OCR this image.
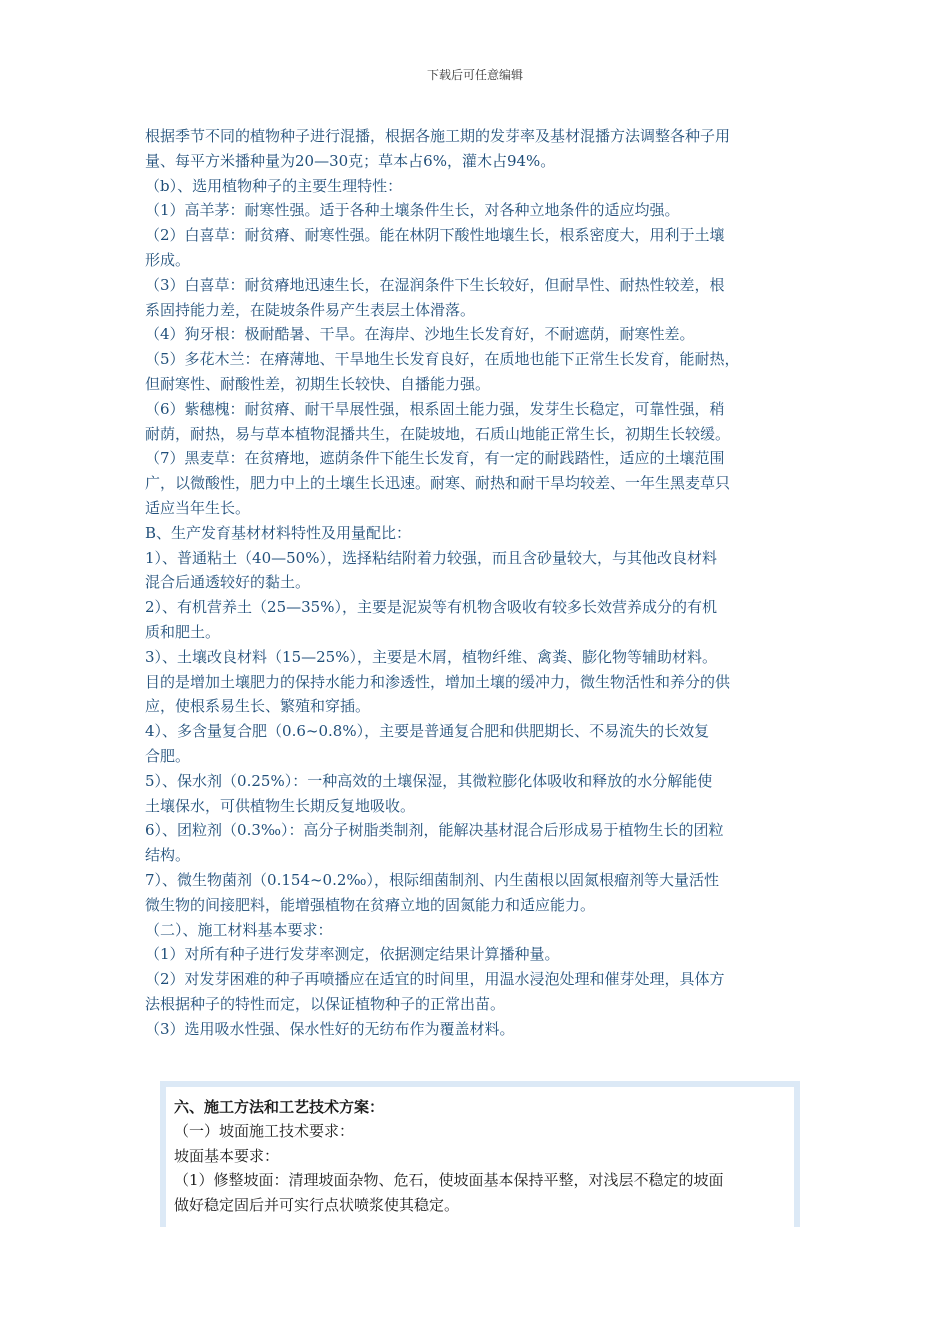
下载后可任意编辑

根据季节不同的植物种子进行混播，根据各施工期的发芽率及基材混播方法调整各种子用

量、每平方米播种量为20—30克；草本占6%，灌木占94%。

（b）、选用植物种子的主要生理特性：

（1）高羊茅：耐寒性强。适于各种土壤条件生长，对各种立地条件的适应均强。

（2）白喜草：耐贫瘠、耐寒性强。能在林阴下酸性地壤生长，根系密度大，用利于土壤

形成。

（3）白喜草：耐贫瘠地迅速生长，在湿润条件下生长较好，但耐旱性、耐热性较差，根

系固持能力差，在陡坡条件易产生表层土体滑落。

（4）狗牙根：极耐酷暑、干旱。在海岸、沙地生长发育好，不耐遮荫，耐寒性差。

（5）多花木兰：在瘠薄地、干旱地生长发育良好，在质地也能下正常生长发育，能耐热，

但耐寒性、耐酸性差，初期生长较快、自播能力强。

（6）紫穗槐：耐贫瘠、耐干旱展性强，根系固土能力强，发芽生长稳定，可靠性强，稍

耐荫，耐热，易与草本植物混播共生，在陡坡地，石质山地能正常生长，初期生长较缓。

（7）黑麦草：在贫瘠地，遮荫条件下能生长发育，有一定的耐践踏性，适应的土壤范围

广，以微酸性，肥力中上的土壤生长迅速。耐寒、耐热和耐干旱均较差、一年生黑麦草只

适应当年生长。

B、生产发育基材材料特性及用量配比：

1）、普通粘土（40—50%），选择粘结附着力较强，而且含砂量较大，与其他改良材料

混合后通透较好的黏土。

2）、有机营养土（25—35%），主要是泥炭等有机物含吸收有较多长效营养成分的有机

质和肥土。

3）、土壤改良材料（15—25%），主要是木屑，植物纤维、禽粪、膨化物等辅助材料。

目的是增加土壤肥力的保持水能力和渗透性，增加土壤的缓冲力，微生物活性和养分的供

应，使根系易生长、繁殖和穿插。

4）、多含量复合肥（0.6~0.8%），主要是普通复合肥和供肥期长、不易流失的长效复

合肥。

5）、保水剂（0.25%）：一种高效的土壤保湿，其微粒膨化体吸收和释放的水分解能使

土壤保水，可供植物生长期反复地吸收。

6）、团粒剂（0.3‰）：高分子树脂类制剂，能解决基材混合后形成易于植物生长的团粒

结构。

7）、微生物菌剂（0.154~0.2‰），根际细菌制剂、内生菌根以固氮根瘤剂等大量活性

微生物的间接肥料，能增强植物在贫瘠立地的固氮能力和适应能力。

（二）、施工材料基本要求：

（1）对所有种子进行发芽率测定，依据测定结果计算播种量。

（2）对发芽困难的种子再喷播应在适宜的时间里，用温水浸泡处理和催芽处理，具体方

法根据种子的特性而定，以保证植物种子的正常出苗。

（3）选用吸水性强、保水性好的无纺布作为覆盖材料。

六、施工方法和工艺技术方案：

（一）坡面施工技术要求：

坡面基本要求：

（1）修整坡面：清理坡面杂物、危石，使坡面基本保持平整，对浅层不稳定的坡面

做好稳定固后并可实行点状喷浆使其稳定。
